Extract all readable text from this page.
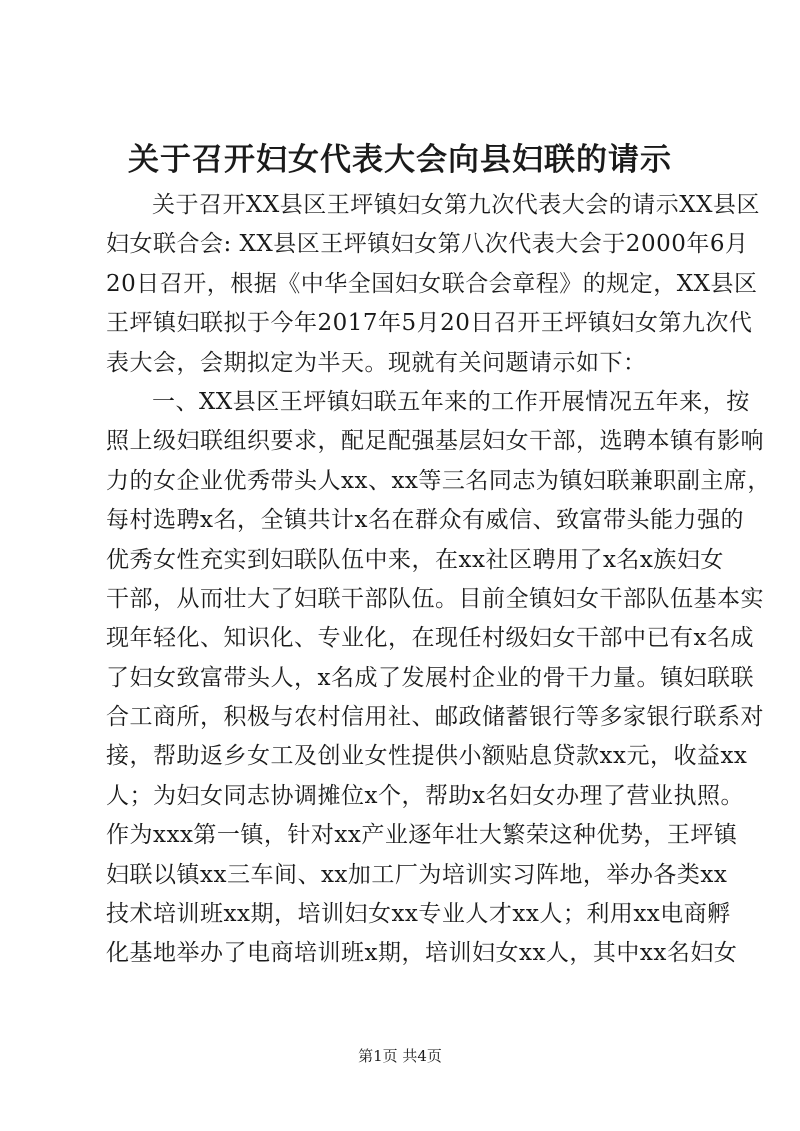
关于召开妇女代表大会向县妇联的请示
关于召开XX县区王坪镇妇女第九次代表大会的请示XX县区
妇女联合会: XX县区王坪镇妇女第八次代表大会于2000年6月
20日召开，根据《中华全国妇女联合会章程》的规定，XX县区
王坪镇妇联拟于今年2017年5月20日召开王坪镇妇女第九次代
表大会，会期拟定为半天。现就有关问题请示如下：
一、XX县区王坪镇妇联五年来的工作开展情况五年来，按
照上级妇联组织要求，配足配强基层妇女干部，选聘本镇有影响
力的女企业优秀带头人xx、xx等三名同志为镇妇联兼职副主席，
每村选聘x名，全镇共计x名在群众有威信、致富带头能力强的
优秀女性充实到妇联队伍中来，在xx社区聘用了x名x族妇女
干部，从而壮大了妇联干部队伍。目前全镇妇女干部队伍基本实
现年轻化、知识化、专业化，在现任村级妇女干部中已有x名成
了妇女致富带头人，x名成了发展村企业的骨干力量。镇妇联联
合工商所，积极与农村信用社、邮政储蓄银行等多家银行联系对
接，帮助返乡女工及创业女性提供小额贴息贷款xx元，收益xx
人；为妇女同志协调摊位x个，帮助x名妇女办理了营业执照。
作为xxx第一镇，针对xx产业逐年壮大繁荣这种优势，王坪镇
妇联以镇xx三车间、xx加工厂为培训实习阵地，举办各类xx
技术培训班xx期，培训妇女xx专业人才xx人；利用xx电商孵
化基地举办了电商培训班x期，培训妇女xx人，其中xx名妇女
第1页 共4页
